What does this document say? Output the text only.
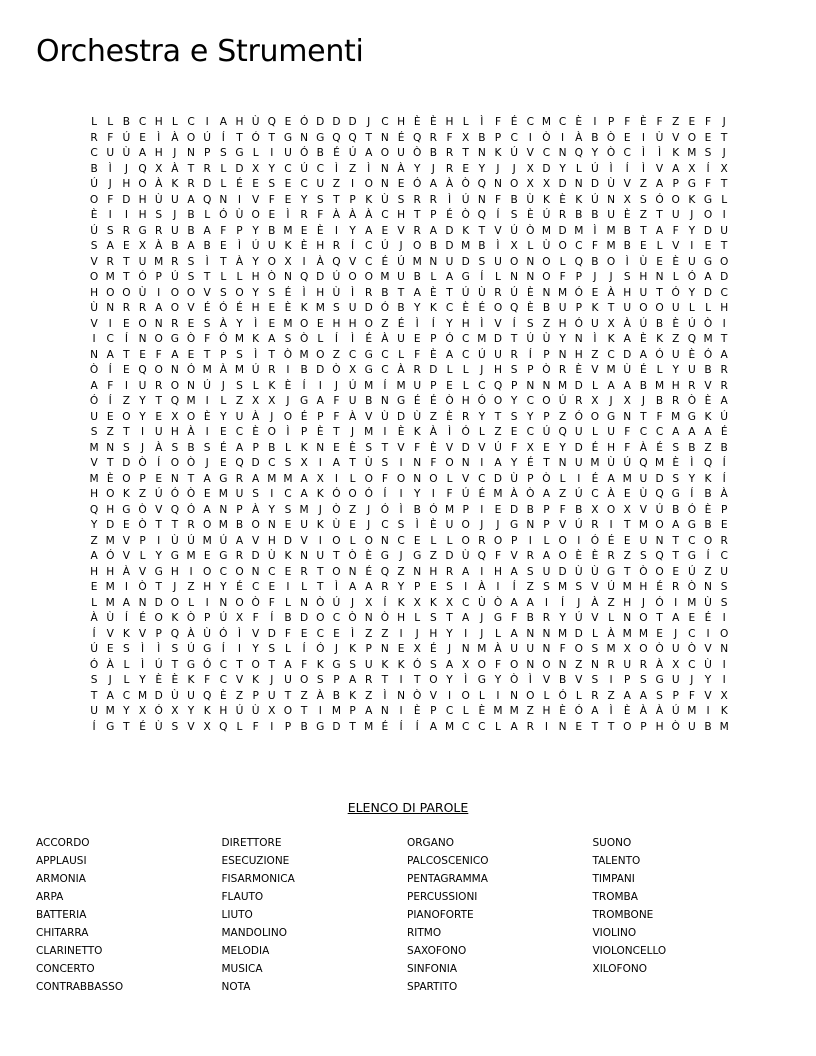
Orchestra e Strumenti
L L B C H L C	I	A H Ù Q E Ó D D D J	C H È È H L	Ì	F É C M C È	I	P F È F Z E F	J
R F Ú E	Ì	À O Ú	Í	T Ó T G N G Q Q T N É Q R F X B P C	I Ò I	À B Ò E	I	Ù V O E T
C U Ù A H	J	N P S G L	I	U Ó B É Ú A O U Ò B R T N K Ú V C N Q Y Ò C	Ì	Ì	K M S	J
B	Ì	J Q X À T R L D X Y C Ú C	Ì	Z	Ì	N À Y	J	R E Y	J	J	X D Y L Ú	Ì	Í	Ì	V A X	Í	X
Ú	J	H O À K R D L É E S E C U Z	I O N E Ó A À Ò Q N O X X D N D Ù V Z A P G F T
O F D H Ù U A Q N	I	V F E Y S T P K Ù S R R	Ì	Ú N F B Ù K È K Ú N X S Ó O K G L
È	I	I	H S	J	B L Ó Ù O E	Ì	R F À À À C H T P É Ò Q Í	S È Ú R B B U È Z T U	J O I
Ú S R G R U B A F P Y B M E È	I	Y A E V R A D K T V Ú Ò M D M Ì M B T A F Y D U
S A E X À B A B E	Ì	Ú U K È H R	Í	C Ú	J O B D M B	Ì	X L Ù O C F M B E L V	I	E T
V R T U M R S	Ì	T À Y O X	I	À Q V C É Ú M N U D S U O N O L Q B O Ì	Ù E È U G O
O M T Ó P Ú S T L L H Ò N Q D Ú O O M U B L A G Í	L N N O F P	J	J	S H N L Ó A D
H O O Ù	I O O V S O Y S É	Ì	H Ù	Ì	R B T A È T Ú Ù R Ú È N M Ó E À H U T Ó Y D C
Ù N R R A O V É Ó É H E È K M S U D Ó B Y K C È É O Q È B U P K T U O O U L L H
V	I	E O N R E S À Y	Ì	E M O E H H O Z É	Ì	Í	Y H	Ì	V	Í	S Z H Ó U X À Ú B È Ú Ò I
I	C	Í	N O G Ò F Ó M K A S Ò L	Í	Ì	É À U E P Ó C M D T Ú Ù Y N	Ì	K A È K Z Q M T
N A T E F A E T P S	Ì	T Ò M O Z C G C L F È A C Ú U R	Í	P N H Z C D A Ó U È Ó A
Ò Í	E Q O N Ó M À M Ú R	I	B D Ò X G C À R D L L	J	H S P Ò R È V M Ù É L Y U B R
A F	I	U R O N Ú	J	S L K È	Í	I	J	Ú M Í M U P E L C Q P N N M D L A A B M H R V R
Ó Í	Z Y T Q M I	L Z X X	J G A F U B N G É É Ò H Ó O Y C O Ú R X	J	X	J	B R Ò È A
U E O Y E X O È Y U À	J O É P F À V Ù D Ù Z È R Y T S Y P Z Ó O G N T F M G K Ú
S Z T	I	U H À	I	E C È O Ì	P È T	J M I	È K À	Ì Ó L Z E C Ú Q U L U F C C A A A É
M N S	J	À S B S É A P B L K N E È S T V F È V D V Ú F X E Y D É H F À É S B Z B
V T D Ò Í O Ò J	E Q D C S X	I	A T Ù S	I	N F O N	I	A Y É T N U M Ù Ú Q M È	Ì Q Í
M È O P E N T A G R A M M A X	I	L O F O N O L V C D Ù P Ò L	I	É A M U D S Y K	Í
H O K Z Ú Ó Ò E M U S	I	C A K Ó O Ó Í	I	Y	I	F Ú É M À Ò A Z Ú C À E Ù Q G Í	B À
Q H G Ò V Q Ó A N P À Y S M J Ò Z	J Ó Ì	B Ó M P	I	E D B P F B X O X V Ú B Ó È P
Y D E Ò T T R O M B O N E U K Ù E	J	C S	Ì	È U O J	J G N P V Ú R	I	T M O A G B E
Z M V P	I	Ù Ú M Ú A V H D V	I O L O N C E L L O R O P	I	L O I Ó É E U N T C O R
A Ó V L Y G M E G R D Ù K N U T Ò È G J G Z D Ù Q F V R A O È È R Z S Q T G Í	C
H H À V G H	I O C O N C E R T O N É Q Z N H R A	I	H A S U D Ù Ù G T Ò O E Ú Z U
E M I Ò T	J	Z H Y É C E	I	L T	Ì	A A R Y P E S	I	À	I	Í	Z S M S V Ú M H É R Ò N S
L M A N D O L	I	N O Ò F L N Ò Ú	J	X	Í	K X K X C Ù Ò A A	I	Í	J	À Z H	J Ó I M Ù S
À Ù	Í	É O K Ò P Ú X F	Í	B D O C Ò N Ò H L S T A	J G F B R Y Ú V L N O T A E É	I
Í	V K V P Q À Ù Ó Ì	V D F E C E	Ì	Z Z	I	J	H Y	I	J	L A N N M D L À M M E	J	C	I O
Ú E S	Ì	Ì	S Ú G Í	I	Y S L	Í Ó J	K P N E X É	J	N M À U U N F O S M X O Ò U Ò V N
Ó À L	Ì	Ú T G Ó C T O T A F K G S U K K Ó S A X O F O N O N Z N R U R À X C Ù	I
S	J	L Y È È K F C V K	J	U O S P A R T	I	T O Y	Ì G Y Ò Ì	V B V S	I	P S G U	J	Y	I
T A C M D Ù U Q È Z P U T Z À B K Z	Ì	N Ò V	I O L	I	N O L Ó L R Z A A S P F V X
U M Y X Ó X Y K H Ú Ù X O T	I M P A N	I	È P C L È M M Z H È Ó A	Ì	È À À Ú M I	K
Í G T É Ù S V X Q L F	I	P B G D T M É	Í	Í	A M C C L A R	I	N E T T O P H Ò U B M
ELENCO DI PAROLE
ACCORDO
APPLAUSI
ARMONIA
ARPA
BATTERIA
CHITARRA
CLARINETTO
CONCERTO
CONTRABBASSO
DIRETTORE
ESECUZIONE
FISARMONICA
FLAUTO
LIUTO
MANDOLINO
MELODIA
MUSICA
NOTA
ORGANO
PALCOSCENICO
PENTAGRAMMA
PERCUSSIONI
PIANOFORTE
RITMO
SAXOFONO
SINFONIA
SPARTITO
SUONO
TALENTO
TIMPANI
TROMBA
TROMBONE
VIOLINO
VIOLONCELLO
XILOFONO
